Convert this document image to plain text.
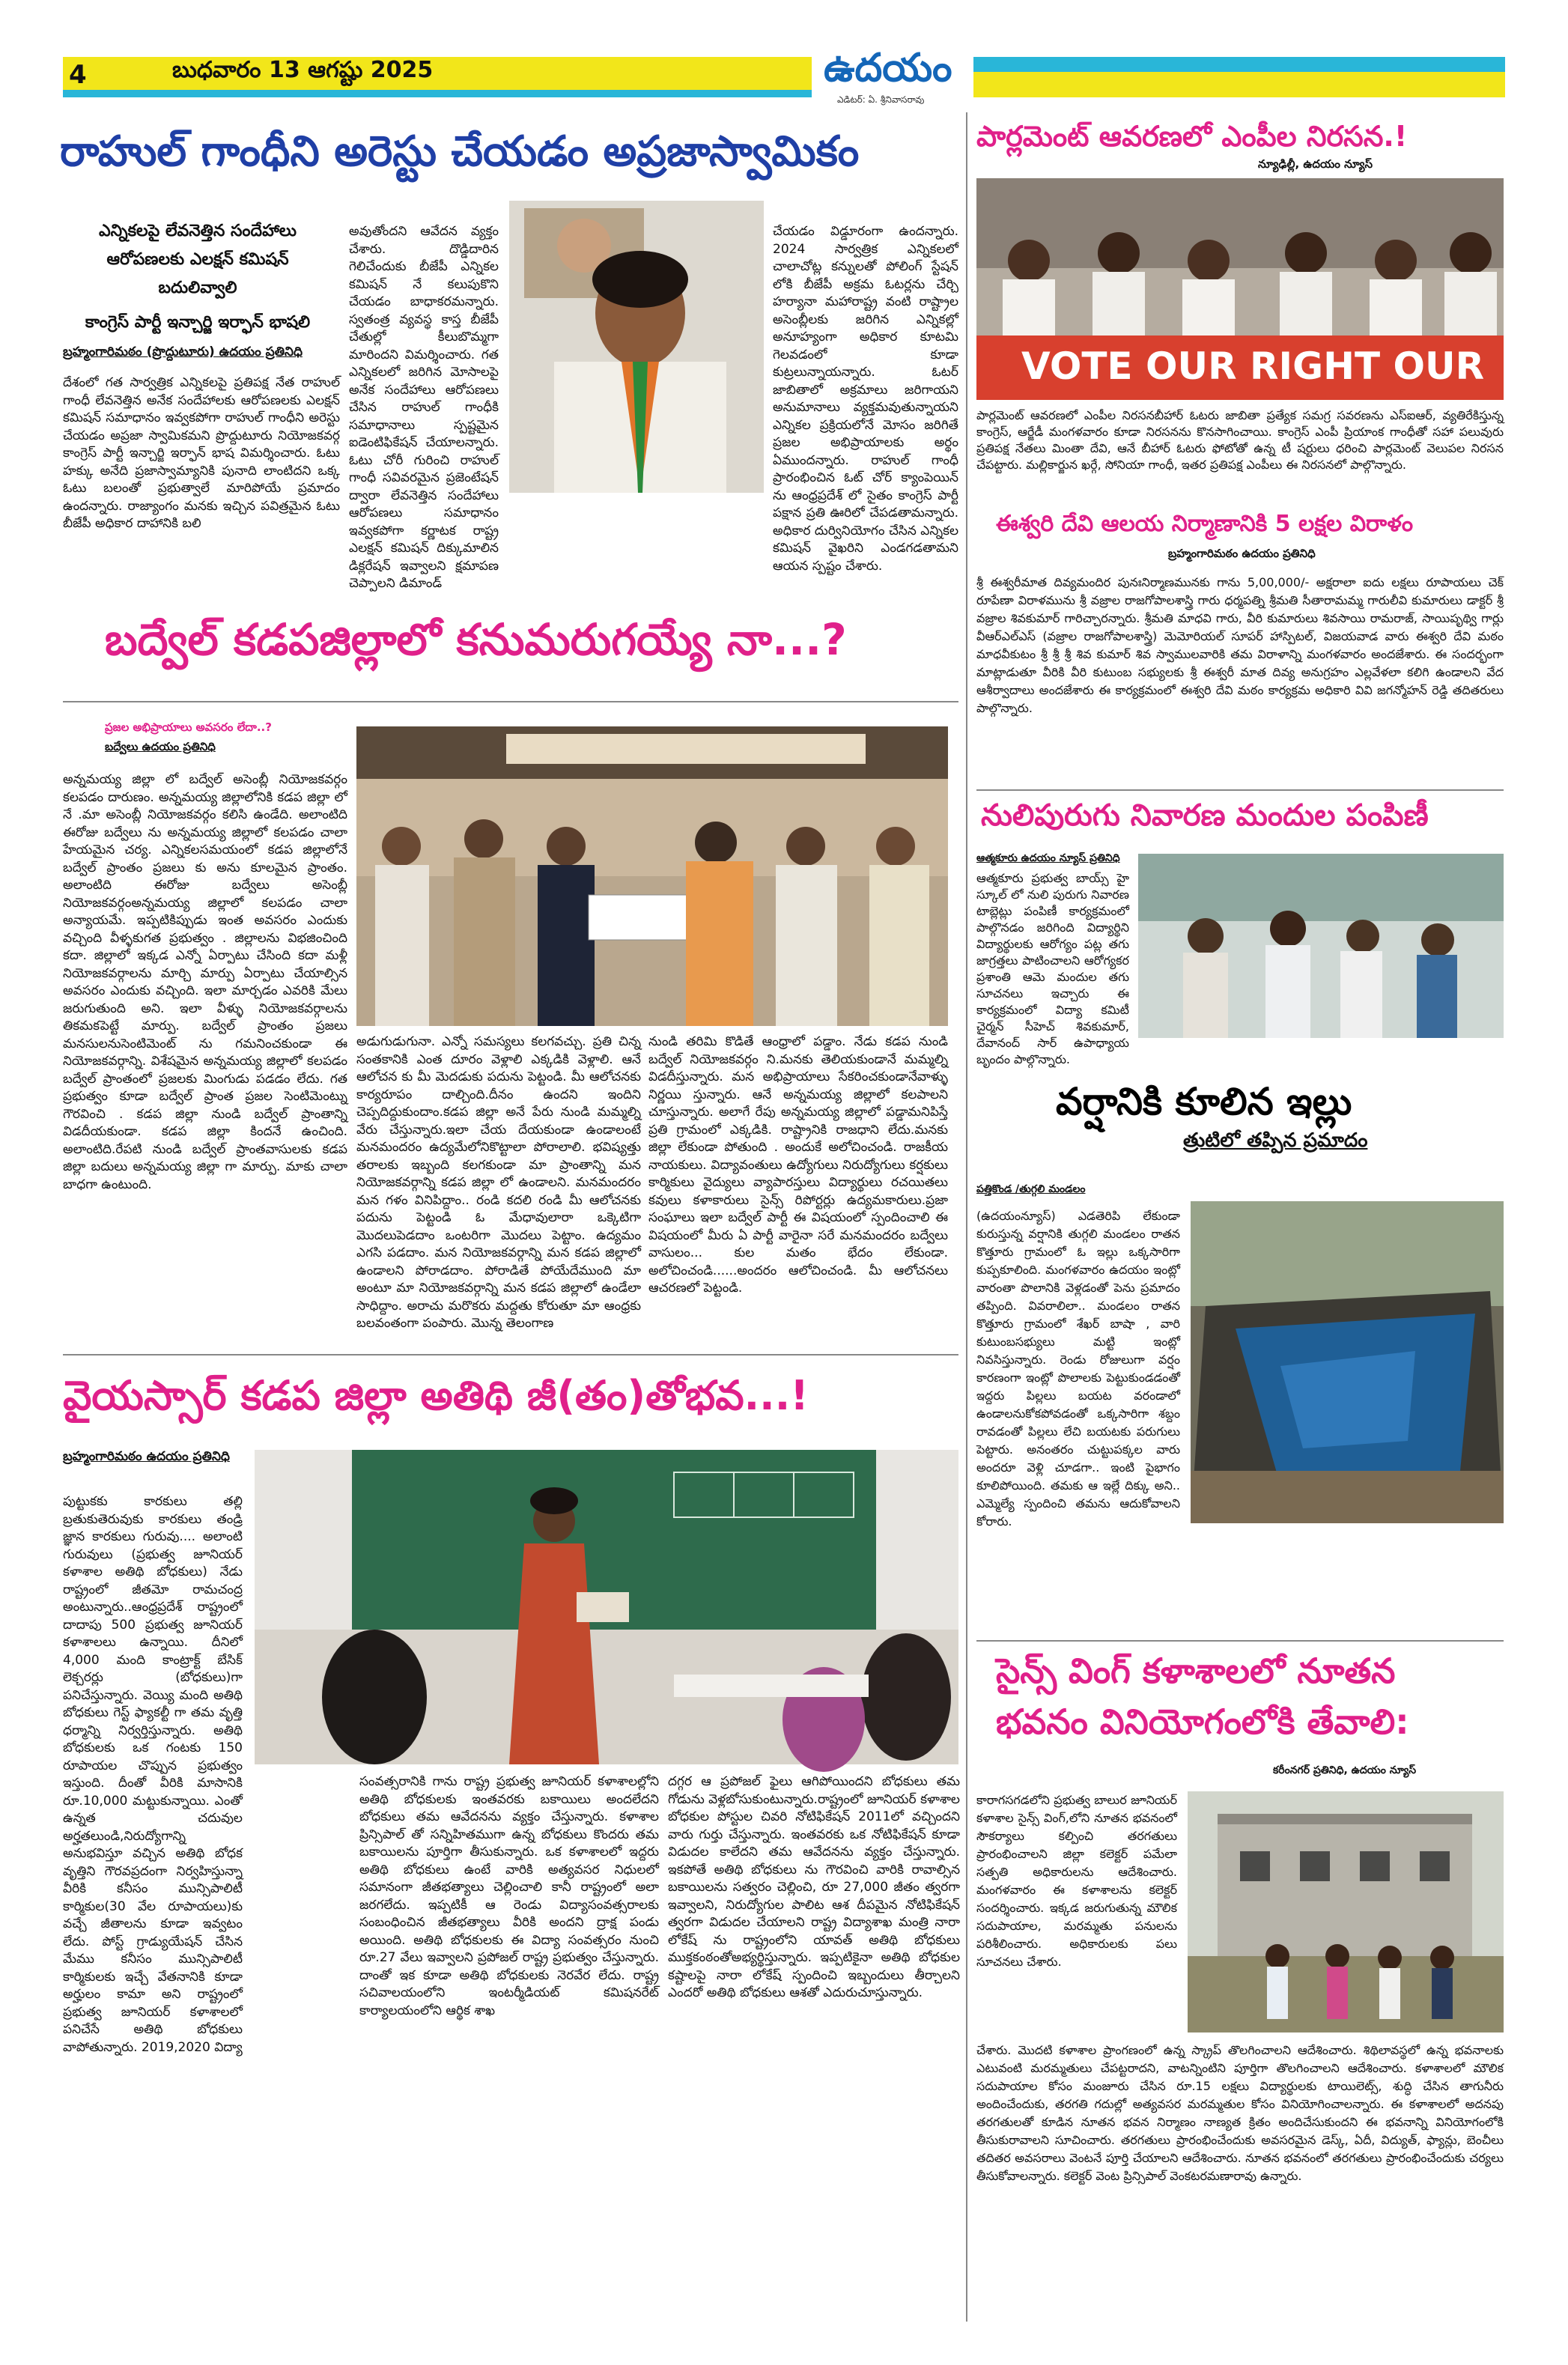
4	బుధవారం 13 ఆగష్టు 2025	ఉదయం
ఎడిటర్: ఏ. శ్రీనివాసరావు
రాహుల్ గాంధీని అరెస్టు చేయడం అప్రజాస్వామికం
ఎన్నికలపై లేవనెత్తిన సందేహాలు
ఆరోపణలకు ఎలక్షన్ కమిషన్
బదులివ్వాలి
కాంగ్రెస్ పార్టీ ఇన్చార్జి ఇర్ఫాన్ భాషలి
బ్రహ్మంగారిమఠం (ప్రొద్దుటూరు) ఉదయం ప్రతినిధి
దేశంలో గత సార్వత్రిక ఎన్నికలపై ప్రతిపక్ష నేత రాహుల్ గాంధీ లేవనెత్తిన అనేక సందేహాలకు ఆరోపణలకు ఎలక్షన్ కమిషన్ సమాధానం ఇవ్వకపోగా రాహుల్ గాంధీని అరెస్టు చేయడం అప్రజా స్వామికమని ప్రొద్దుటూరు నియోజకవర్గ కాంగ్రెస్ పార్టీ ఇన్చార్జి ఇర్ఫాన్ భాష విమర్శించారు. ఓటు హక్కు అనేది ప్రజాస్వామ్యానికి పునాది లాంటిదని ఒక్క ఓటు బలంతో ప్రభుత్వాలే మారిపోయే ప్రమాదం ఉందన్నారు. రాజ్యాంగం మనకు ఇచ్చిన పవిత్రమైన ఓటు బీజేపీ అధికార దాహానికి బలి
అవుతోందని ఆవేదన వ్యక్తం చేశారు. దొడ్డిదారిన గెలిచేందుకు బీజేపీ ఎన్నికల కమిషన్ నే కలుపుకొని చేయడం బాధాకరమన్నారు. స్వతంత్ర వ్యవస్థ కాస్త బీజేపీ చేతుల్లో కీలుబొమ్మగా మారిందని విమర్శించారు. గత ఎన్నికలలో జరిగిన మోసాలపై అనేక సందేహాలు ఆరోపణలు చేసిన రాహుల్ గాంధీకి సమాధానాలు స్పష్టమైన ఐడెంటిఫికేషన్ చేయాలన్నారు. ఓటు చోరీ గురించి రాహుల్ గాంధీ సవివరమైన ప్రజెంటేషన్ ద్వారా లేవనెత్తిన సందేహాలు ఆరోపణలు సమాధానం ఇవ్వకపోగా కర్ణాటక రాష్ట్ర ఎలక్షన్ కమిషన్ దిక్కుమాలిన డిక్లరేషన్ ఇవ్వాలని క్షమాపణ చెప్పాలని డిమాండ్
చేయడం విడ్డూరంగా ఉందన్నారు. 2024 సార్వత్రిక ఎన్నికలలో చాలాచోట్ల కన్నులతో పోలింగ్ స్టేషన్ లోకి బీజేపీ అక్రమ ఓటర్లను చేర్చి హర్యానా మహారాష్ట్ర వంటి రాష్ట్రాల అసెంబ్లీలకు జరిగిన ఎన్నికల్లో అనూహ్యంగా అధికార కూటమి గెలవడంలో కూడా కుట్రలున్నాయన్నారు. ఓటర్ జాబితాలో అక్రమాలు జరిగాయని అనుమానాలు వ్యక్తమవుతున్నాయని ఎన్నికల ప్రక్రియలోనే మోసం జరిగితే ప్రజల అభిప్రాయాలకు అర్థం ఏముందన్నారు. రాహుల్ గాంధీ ప్రారంభించిన ఓట్ చోర్ క్యాంపెయిన్ ను ఆంధ్రప్రదేశ్ లో సైతం కాంగ్రెస్ పార్టీ పక్షాన ప్రతి ఊరిలో చేపడతామన్నారు. అధికార దుర్వినియోగం చేసిన ఎన్నికల కమిషన్ వైఖరిని ఎండగడతామని ఆయన స్పష్టం చేశారు.
బద్వేల్ కడపజిల్లాలో కనుమరుగయ్యే నా...?
ప్రజల అభిప్రాయాలు అవసరం లేదా..?
బద్వేలు ఉదయం ప్రతినిధి
అన్నమయ్య జిల్లా లో బద్వేల్ అసెంబ్లీ నియోజకవర్గం కలపడం దారుణం. అన్నమయ్య జిల్లాలోనికి కడప జిల్లా లో నే .మా అసెంబ్లీ నియోజకవర్గం కలిసి ఉండేది. అలాంటిది ఈరోజు బద్వేలు ను అన్నమయ్య జిల్లాలో కలపడం చాలా హేయమైన చర్య. ఎన్నికలసమయంలో కడప జిల్లాలోనే బద్వేల్ ప్రాంతం ప్రజలు కు అను కూలమైన ప్రాంతం. అలాంటిది ఈరోజు బద్వేలు అసెంబ్లీ నియోజకవర్గంఅన్నమయ్య జిల్లాలో కలపడం చాలా అన్యాయమే. ఇప్పటికిప్పుడు ఇంత అవసరం ఎందుకు వచ్చింది వీళ్ళకుగత ప్రభుత్వం . జిల్లాలను విభజించింది కదా. జిల్లాలో ఇక్కడ ఎన్నో ఏర్పాటు చేసింది కదా మళ్లీ నియోజకవర్గాలను మార్చి మార్పు ఏర్పాటు చేయాల్సిన అవసరం ఎందుకు వచ్చింది. ఇలా మార్చడం ఎవరికి మేలు జరుగుతుంది అని. ఇలా వీళ్ళు నియోజకవర్గాలను తికమకపెట్టే మార్పు. బద్వేల్ ప్రాంతం ప్రజలు మనసులనుసెంటిమెంట్ ను గమనించకుండా ఈ నియోజకవర్గాన్ని. విశేషమైన అన్నమయ్య జిల్లాలో కలపడం బద్వేల్ ప్రాంతంలో ప్రజలకు మింగుడు పడడం లేదు. గత ప్రభుత్వం కూడా బద్వేల్ ప్రాంత ప్రజల సెంటిమెంట్ను గౌరవించి . కడప జిల్లా నుండి బద్వేల్ ప్రాంతాన్ని విడదీయకుండా. కడప జిల్లా కిందనే ఉంచింది. అలాంటిది.రేపటి నుండి బద్వేల్ ప్రాంతవాసులకు కడప జిల్లా బదులు అన్నమయ్య జిల్లా గా మార్పు. మాకు చాలా బాధగా ఉంటుంది.
అడుగుడుగునా. ఎన్నో సమస్యలు కలగవచ్చు. ప్రతి చిన్న సంతకానికి ఎంత దూరం వెళ్లాలి ఎక్కడికి వెళ్లాలి. ఆనే ఆలోచన కు మీ మెదడుకు పదును పెట్టండి. మీ ఆలోచనకు కార్యరూపం దాల్చింది.దీనం ఉందని ఇందిని చెప్పదిద్దుకుందాం.కడప జిల్లా అనే పేరు నుండి మమ్మల్ని వేరు చేస్తున్నారు.ఇలా చేయ దేయకుండా ఉండాలంటే మనమందరం ఉద్యమేలోనికొట్టాలా పోరాలాలి. భవిష్యత్తు తరాలకు ఇబ్బంది కలగకుండా మా ప్రాంతాన్ని మన నియోజకవర్గాన్ని కడప జిల్లా లో ఉండాలని. మనమందరం మన గళం వినిపిద్దాం.. రండి కదలి రండి మీ ఆలోచనకు పదును పెట్టండి ఓ మేధావులారా ఒక్కెటిగా మొదలుపెడదాం ఒంటరిగా మొదలు పెట్టాం. ఉద్యమం ఎగసి పడదాం. మన నియోజకవర్గాన్ని మన కడప జిల్లాలో ఉండాలని పోరాడదాం. పోరాడితే పోయేదేముంది మా అంటూ మా నియోజకవర్గాన్ని మన కడప జిల్లాలో ఉండేలా సాధిద్దాం. అరాచు మరొకరు మద్దతు కోరుతూ మా ఆంధ్రకు బలవంతంగా పంపారు. మొన్న తెలంగాణ
నుండి తరిమి కొడితే ఆంధ్రాలో పడ్డాం. నేడు కడప నుండి బద్వేల్ నియోజకవర్గం ని.మనకు తెలియకుండానే మమ్మల్ని విడదీస్తున్నారు. మన అభిప్రాయాలు సేకరించకుండానేవాళ్ళు నిర్ణయి స్తున్నారు. ఆనే అన్నమయ్య జిల్లాలో కలపాలని చూస్తున్నారు. అలాగే రేపు అన్నమయ్య జిల్లాలో పడ్డామనిపిస్తే ప్రతి గ్రామంలో ఎక్కడికి. రాష్ట్రానికి రాజధాని లేదు.మనకు జిల్లా లేకుండా పోతుంది . అందుకే అలోచించండి. రాజకీయ నాయకులు. విద్యావంతులు ఉద్యోగులు నిరుద్యోగులు కర్షకులు కార్మికులు వైద్యులు వ్యాపారస్తులు విద్యార్థులు రచయితలు కవులు కళాకారులు సైన్స్ రిపోర్టర్లు ఉద్యమకారులు.ప్రజా సంఘాలు ఇలా బద్వేల్ పార్టీ ఈ విషయంలో స్పందించాలి ఈ విషయంలో మీరు ఏ పార్టీ వారైనా సరే మనమందరం బద్వేలు వాసులం... కుల మతం భేదం లేకుండా. అలోచించండి......అందరం ఆలోచించండి. మీ ఆలోచనలు ఆచరణలో పెట్టండి.
వైయస్సార్ కడప జిల్లా అతిథి జీ(తం)తోభవ...!
బ్రహ్మంగారిమఠం ఉదయం ప్రతినిధి
పుట్టుకకు కారకులు తల్లి బ్రతుకుతెరువుకు కారకులు తండ్రి జ్ఞాన కారకులు గురువు.... అలాంటి గురువులు (ప్రభుత్వ జూనియర్ కళాశాల అతిథి బోధకులు) నేడు రాష్ట్రంలో జీతమో రామచంద్ర అంటున్నారు..ఆంధ్రప్రదేశ్ రాష్ట్రంలో దాదాపు 500 ప్రభుత్వ జూనియర్ కళాశాలలు ఉన్నాయి. దీనిలో 4,000 మంది కాంట్రాక్ట్ బేసిక్ లెక్చరర్లు (బోధకులు)గా పనిచేస్తున్నారు. వెయ్యి మంది అతిథి బోధకులు గెస్ట్ ఫ్యాకల్టీ గా తమ వృత్తి ధర్మాన్ని నిర్వర్తిస్తున్నారు. అతిథి బోధకులకు ఒక గంటకు 150 రూపాయల చొప్పున ప్రభుత్వం ఇస్తుంది. దీంతో వీరికి మాసానికి రూ.10,000 మట్టుకున్నాయి. ఎంతో ఉన్నత చదువుల అర్హతలుండి,నిరుద్యోగాన్ని అనుభవిస్తూ వచ్చిన అతిథి బోధక వృత్తిని గౌరవప్రదంగా నిర్వహిస్తున్నా వీరికి కనీసం మున్సిపాలిటీ కార్మికుల(30 వేల రూపాయలు)కు వచ్చే జీతాలను కూడా ఇవ్వటం లేదు. పోస్ట్ గ్రాడ్యుయేషన్ చేసిన మేము కనీసం మున్సిపాలిటీ కార్మికులకు ఇచ్చే వేతనానికి కూడా అర్హులం కామా అని రాష్ట్రంలో ప్రభుత్వ జూనియర్ కళాశాలలో పనిచేసే అతిథి బోధకులు వాపోతున్నారు. 2019,2020 విద్యా
సంవత్సరానికి గాను రాష్ట్ర ప్రభుత్వ జూనియర్ కళాశాలల్లోని అతిథి బోధకులకు ఇంతవరకు బకాయిలు అందలేదని బోధకులు తమ ఆవేదనను వ్యక్తం చేస్తున్నారు. కళాశాల ప్రిన్సిపాల్ తో సన్నిహితముగా ఉన్న బోధకులు కొందరు తమ బకాయిలను పూర్తిగా తీసుకున్నారు. ఒక కళాశాలలో ఇద్దరు అతిథి బోధకులు ఉంటే వారికి అత్యవసర నిధులలో సమానంగా జీతభత్యాలు చెల్లించాలి కానీ రాష్ట్రంలో అలా జరగలేదు. ఇప్పటికీ ఆ రెండు విద్యాసంవత్సరాలకు సంబంధించిన జీతభత్యాలు వీరికి అందని ద్రాక్ష పండు అయింది. అతిథి బోధకులకు ఈ విద్యా సంవత్సరం నుంచి రూ.27 వేలు ఇవ్వాలని ప్రపోజల్ రాష్ట్ర ప్రభుత్వం చేస్తున్నారు. దాంతో ఇక కూడా అతిథి బోధకులకు నెరవేర లేదు. రాష్ట్ర సచివాలయంలోని ఇంటర్మీడియట్ కమిషనరేట్ కార్యాలయంలోని ఆర్థిక శాఖ
దగ్గర ఆ ప్రపోజల్ ఫైలు ఆగిపోయిందని బోధకులు తమ గోడును వెళ్లబోసుకుంటున్నారు.రాష్ట్రంలో జూనియర్ కళాశాల బోధకుల పోస్టుల చివరి నోటిఫికేషన్ 2011లో వచ్చిందని వారు గుర్తు చేస్తున్నారు. ఇంతవరకు ఒక నోటిఫికేషన్ కూడా విడుదల కాలేదని తమ ఆవేదనను వ్యక్తం చేస్తున్నారు. ఇకపోతే అతిథి బోధకులు ను గౌరవించి వారికి రావాల్సిన బకాయిలను సత్వరం చెల్లించి, రూ 27,000 జీతం త్వరగా ఇవ్వాలని, నిరుద్యోగుల పాలిట ఆశ దీపమైన నోటిఫికేషన్ త్వరగా విడుదల చేయాలని రాష్ట్ర విద్యాశాఖ మంత్రి నారా లోకేష్ ను రాష్ట్రంలోని యావత్ అతిథి బోధకులు ముక్తకంఠంతోఅభ్యర్థిస్తున్నారు. ఇప్పటికైనా అతిథి బోధకుల కష్టాలపై నారా లోకేష్ స్పందించి ఇబ్బందులు తీర్చాలని ఎందరో అతిథి బోధకులు ఆశతో ఎదురుచూస్తున్నారు.
పార్లమెంట్ ఆవరణలో ఎంపీల నిరసన.!
న్యూఢిల్లీ, ఉదయం న్యూస్
VOTE OUR RIGHT OUR
పార్లమెంట్ ఆవరణలో ఎంపీల నిరసనబీహార్ ఓటరు జాబితా ప్రత్యేక సమగ్ర సవరణను ఎస్ఐఆర్, వ్యతిరేకిస్తున్న కాంగ్రెస్, ఆర్జేడీ మంగళవారం కూడా నిరసనను కొనసాగించాయి. కాంగ్రెస్ ఎంపీ ప్రియాంక గాంధీతో సహా పలువురు ప్రతిపక్ష నేతలు మింతా దేవి, ఆనే బీహార్ ఓటరు ఫోటోతో ఉన్న టీ షర్టులు ధరించి పార్లమెంట్ వెలుపల నిరసన చేపట్టారు. మల్లికార్జున ఖర్గే, సోనియా గాంధీ, ఇతర ప్రతిపక్ష ఎంపీలు ఈ నిరసనలో పాల్గొన్నారు.
ఈశ్వరి దేవి ఆలయ నిర్మాణానికి 5 లక్షల విరాళం
బ్రహ్మంగారిమఠం ఉదయం ప్రతినిధి
శ్రీ ఈశ్వరీమాత దివ్యమందిర పునఃనిర్మాణమునకు గాను 5,00,000/- అక్షరాలా ఐదు లక్షలు రూపాయలు చెక్ రూపేణా విరాళమును శ్రీ వజ్రాల రాజగోపాలశాస్త్రి గారు ధర్మపత్ని శ్రీమతి సీతారామమ్మ గారులీవి కుమారులు డాక్టర్ శ్రీ వజ్రాల శివకుమార్ గారిచ్చారన్నారు. శ్రీమతి మాధవి గారు, వీరి కుమారులు శివసాయి రామరాజ్, సాయిపృథ్వి గార్లు వీఆర్ఎల్ఎస్ (వజ్రాల రాజగోపాలశాస్త్రి) మెమోరియల్ సూపర్ హాస్పిటల్, విజయవాడ వారు ఈశ్వరి దేవి మఠం మాధవీకుటం శ్రీ శ్రీ శ్రీ శివ కుమార్ శివ స్వాములవారికి తమ విరాళాన్ని మంగళవారం అందజేశారు. ఈ సందర్భంగా మాట్లాడుతూ వీరికి వీరి కుటుంబ సభ్యులకు శ్రీ ఈశ్వరీ మాత దివ్య అనుగ్రహం ఎల్లవేళలా కలిగి ఉండాలని వేద ఆశీర్వాదాలు అందజేశారు ఈ కార్యక్రమంలో ఈశ్వరి దేవి మఠం కార్యక్రమ అధికారి వివి జగన్మోహన్ రెడ్డి తదితరులు పాల్గొన్నారు.
నులిపురుగు నివారణ మందుల పంపిణీ
ఆత్మకూరు ఉదయం న్యూస్ ప్రతినిధి
ఆత్మకూరు ప్రభుత్వ బాయ్స్ హై స్కూల్ లో నులి పురుగు నివారణ టాబ్లెట్లు పంపిణీ కార్యక్రమంలో పాల్గొనడం జరిగింది విద్యార్థిని విద్యార్థులకు ఆరోగ్యం పట్ల తగు జాగ్రత్తలు పాటించాలని ఆరోగ్యకర ప్రశాంతి ఆమె మందుల తగు సూచనలు ఇచ్చారు ఈ కార్యక్రమంలో విద్యా కమిటీ చైర్మన్ సీహెచ్ శివకుమార్, దేవానంద్ సార్ ఉపాధ్యాయ బృందం పాల్గొన్నారు.
వర్షానికి కూలిన ఇల్లు
త్రుటిలో తప్పిన ప్రమాదం
పత్తికొండ /తుగ్గలి మండలం
(ఉదయంన్యూస్) ఎడతెరిపి లేకుండా కురుస్తున్న వర్షానికి తుగ్గలి మండలం రాతన కొత్తూరు గ్రామంలో ఓ ఇల్లు ఒక్కసారిగా కుప్పకూలింది. మంగళవారం ఉదయం ఇంట్లో వారంతా పొలానికి వెళ్లడంతో పెను ప్రమాదం తప్పింది. వివరాలిలా.. మండలం రాతన కొత్తూరు గ్రామంలో శేఖర్ బాషా , వారి కుటుంబసభ్యులు మట్టి ఇంట్లో నివసిస్తున్నారు. రెండు రోజులుగా వర్షం కారణంగా ఇంట్లో పొలాలకు పెట్టుకుండడంతో ఇద్దరు పిల్లలు బయట వరండాలో ఉండాలనుకోకపోవడంతో ఒక్కసారిగా శబ్దం రావడంతో పిల్లలు లేచి బయటకు పరుగులు పెట్టారు. అనంతరం చుట్టుపక్కల వారు అందరూ వెళ్లి చూడగా.. ఇంటి పైభాగం కూలిపోయింది. తమకు ఆ ఇల్లే దిక్కు అని.. ఎమ్మెల్యే స్పందించి తమను ఆదుకోవాలని కోరారు.
సైన్స్ వింగ్ కళాశాలలో నూతన
భవనం వినియోగంలోకి తేవాలి:
కరీంనగర్ ప్రతినిధి, ఉదయం న్యూస్
కారాగసగడలోని ప్రభుత్వ బాలుర జూనియర్ కళాశాల సైన్స్ వింగ్,లోని నూతన భవనంలో సౌకర్యాలు కల్పించి తరగతులు ప్రారంభించాలని జిల్లా కలెక్టర్ పమేలా సత్పతి అధికారులను ఆదేశించారు. మంగళవారం ఈ కళాశాలను కలెక్టర్ సందర్శించారు. ఇక్కడ జరుగుతున్న మౌలిక సదుపాయాల, మరమ్మతు పనులను పరిశీలించారు. అధికారులకు పలు సూచనలు చేశారు.
చేశారు. మొదటి కళాశాల ప్రాంగణంలో ఉన్న స్క్రాప్ తొలగించాలని ఆదేశించారు. శిథిలావస్థలో ఉన్న భవనాలకు ఎటువంటి మరమ్మతులు చేపట్టరాదని, వాటన్నింటిని పూర్తిగా తొలగించాలని ఆదేశించారు. కళాశాలలో మౌలిక సదుపాయాల కోసం మంజూరు చేసిన రూ.15 లక్షలు విద్యార్థులకు టాయిలెట్స్, శుద్ధి చేసిన తాగునీరు అందించేందుకు, తరగతి గదుల్లో అత్యవసర మరమ్మతుల కోసం వినియోగించాలన్నారు. ఈ కళాశాలలో అదనపు తరగతులతో కూడిన నూతన భవన నిర్మాణం నాణ్యత క్రితం అందిచేసుకుందని ఈ భవనాన్ని వినియోగంలోకి తీసుకురావాలని సూచించారు. తరగతులు ప్రారంభించేందుకు అవసరమైన డెస్క్, ఏదీ, విద్యుత్, ఫ్యాన్లు, బెంచీలు తదితర అవసరాలు వెంటనే పూర్తి చేయాలని ఆదేశించారు. నూతన భవనంలో తరగతులు ప్రారంభించేందుకు చర్యలు తీసుకోవాలన్నారు. కలెక్టర్ వెంట ప్రిన్సిపాల్ వెంకటరమణారావు ఉన్నారు.
